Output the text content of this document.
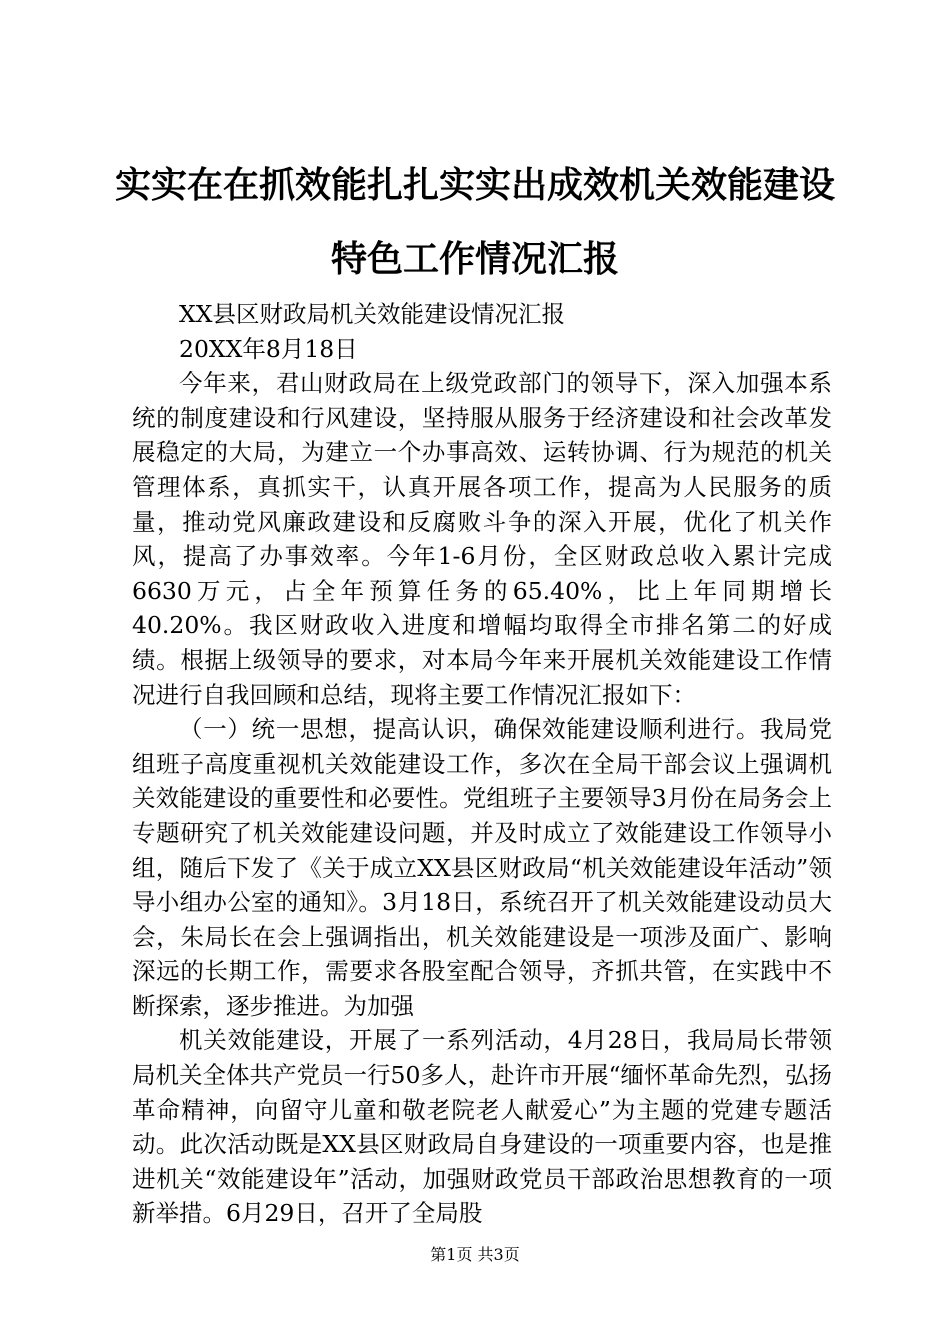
实实在在抓效能扎扎实实出成效机关效能建设
特色工作情况汇报

XX县区财政局机关效能建设情况汇报

20XX年8月18日

今年来，君山财政局在上级党政部门的领导下，深入加强本系统的制度建设和行风建设，坚持服从服务于经济建设和社会改革发展稳定的大局，为建立一个办事高效、运转协调、行为规范的机关管理体系，真抓实干，认真开展各项工作，提高为人民服务的质量，推动党风廉政建设和反腐败斗争的深入开展，优化了机关作风，提高了办事效率。今年1-6月份，全区财政总收入累计完成6630万元，占全年预算任务的65.40%，比上年同期增长40.20%。我区财政收入进度和增幅均取得全市排名第二的好成绩。根据上级领导的要求，对本局今年来开展机关效能建设工作情况进行自我回顾和总结，现将主要工作情况汇报如下：

（一）统一思想，提高认识，确保效能建设顺利进行。我局党组班子高度重视机关效能建设工作，多次在全局干部会议上强调机关效能建设的重要性和必要性。党组班子主要领导3月份在局务会上专题研究了机关效能建设问题，并及时成立了效能建设工作领导小组，随后下发了《关于成立XX县区财政局“机关效能建设年活动”领导小组办公室的通知》。3月18日，系统召开了机关效能建设动员大会，朱局长在会上强调指出，机关效能建设是一项涉及面广、影响深远的长期工作，需要求各股室配合领导，齐抓共管，在实践中不断探索，逐步推进。为加强

机关效能建设，开展了一系列活动，4月28日，我局局长带领局机关全体共产党员一行50多人，赴许市开展“缅怀革命先烈，弘扬革命精神，向留守儿童和敬老院老人献爱心”为主题的党建专题活动。此次活动既是XX县区财政局自身建设的一项重要内容，也是推进机关“效能建设年”活动，加强财政党员干部政治思想教育的一项新举措。6月29日，召开了全局股

第1页 共3页
